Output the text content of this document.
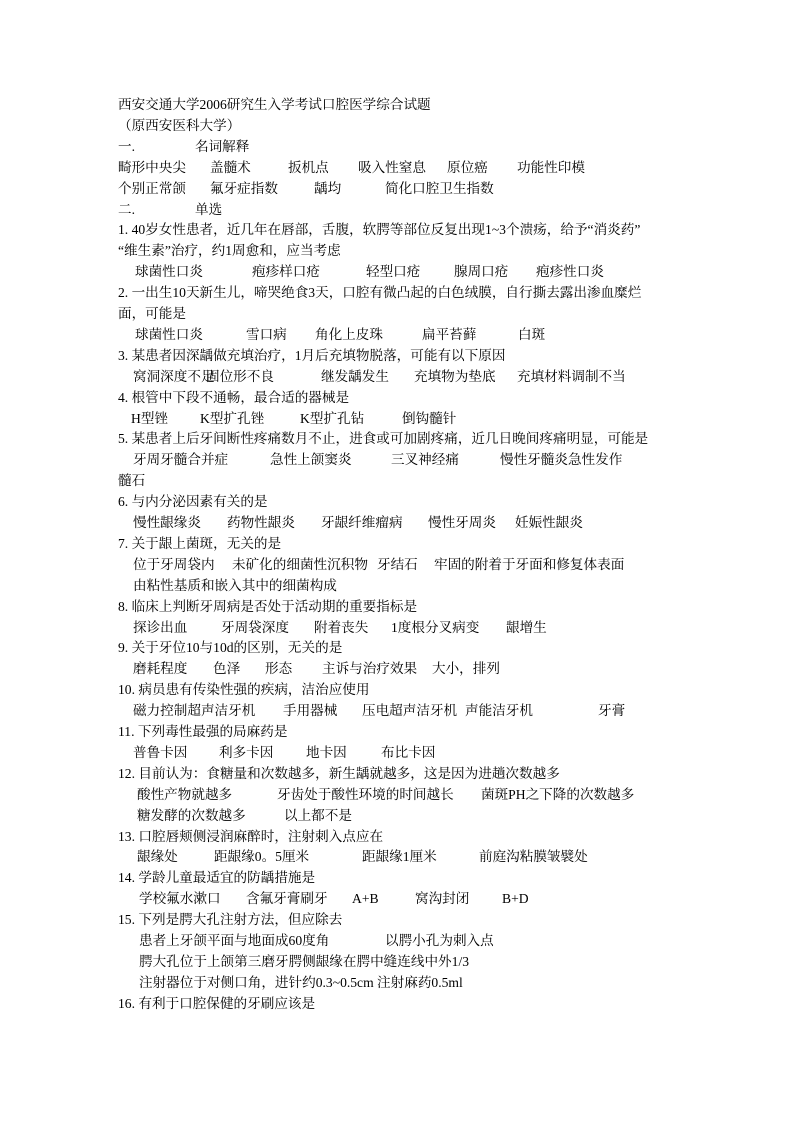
西安交通大学2006研究生入学考试口腔医学综合试题
（原西安医科大学）
一.	名词解释
畸形中央尖 盖髓术	扳机点 吸入性窒息 原位癌 功能性印模
个别正常颌 氟牙症指数	龋均	简化口腔卫生指数
二.	单选
1. 40岁女性患者，近几年在唇部，舌腹，软腭等部位反复出现1~3个溃疡，给予“消炎药”
“维生素”治疗，约1周愈和，应当考虑
球菌性口炎	疱疹样口疮	轻型口疮 腺周口疮 疱疹性口炎
2. 一出生10天新生儿，啼哭绝食3天，口腔有微凸起的白色绒膜，自行撕去露出渗血糜烂
面，可能是
球菌性口炎	雪口病 角化上皮珠	扁平苔藓	白斑
3. 某患者因深龋做充填治疗，1月后充填物脱落，可能有以下原因
窝洞深度不足
固位形不良	继发龋发生 充填物为垫底 充填材料调制不当
4. 根管中下段不通畅，最合适的器械是
H型锉 K型扩孔锉	K型扩孔钻	倒钩髓针
5. 某患者上后牙间断性疼痛数月不止，进食或可加剧疼痛，近几日晚间疼痛明显，可能是
牙周牙髓合并症	急性上颌窦炎	三叉神经痛	慢性牙髓炎急性发作
髓石
6. 与内分泌因素有关的是
慢性龈缘炎 药物性龈炎 牙龈纤维瘤病 慢性牙周炎 妊娠性龈炎
7. 关于龈上菌斑，无关的是
位于牙周袋内 未矿化的细菌性沉积物 牙结石 牢固的附着于牙面和修复体表面
由粘性基质和嵌入其中的细菌构成
8. 临床上判断牙周病是否处于活动期的重要指标是
探诊出血 牙周袋深度 附着丧失 1度根分叉病变 龈增生
9. 关于牙位10与10d的区别，无关的是
磨耗程度 色泽 形态 主诉与治疗效果 大小，排列
10. 病员患有传染性强的疾病，洁治应使用
磁力控制超声洁牙机 手用器械 压电超声洁牙机 声能洁牙机	牙膏
11. 下列毒性最强的局麻药是
普鲁卡因 利多卡因 地卡因	布比卡因
12. 目前认为：食糖量和次数越多，新生龋就越多，这是因为进趟次数越多
酸性产物就越多	牙齿处于酸性环境的时间越长 菌斑PH之下降的次数越多
糖发酵的次数越多	以上都不是
13. 口腔唇颊侧浸润麻醉时，注射刺入点应在
龈缘处	距龈缘0。5厘米	距龈缘1厘米	前庭沟粘膜皱襞处
14. 学龄儿童最适宜的防龋措施是
学校氟水漱口 含氟牙膏刷牙 A+B	窝沟封闭 B+D
15. 下列是腭大孔注射方法，但应除去
患者上牙颌平面与地面成60度角	以腭小孔为刺入点
腭大孔位于上颌第三磨牙腭侧龈缘在腭中缝连线中外1/3
注射器位于对侧口角，进针约0.3~0.5cm 注射麻药0.5ml
16. 有利于口腔保健的牙刷应该是
